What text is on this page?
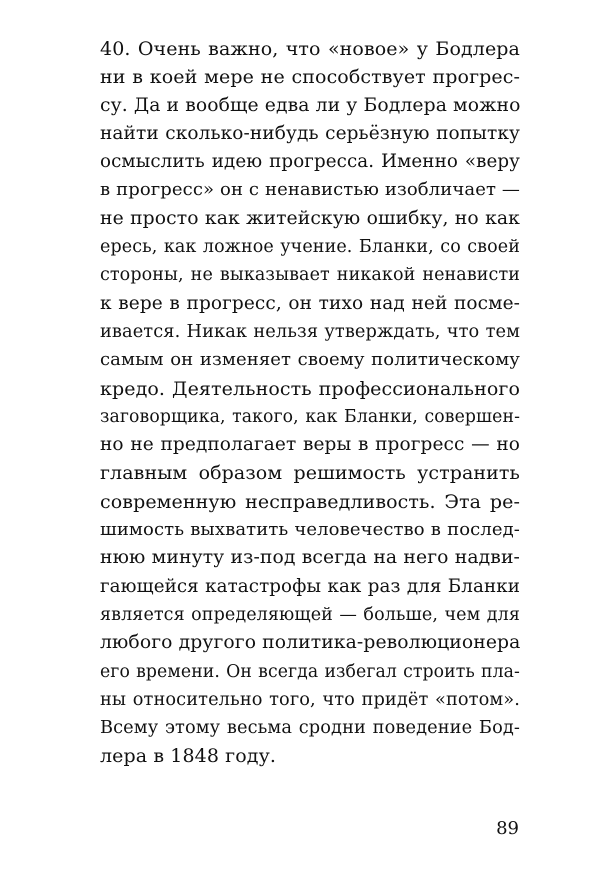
40. Очень важно, что «новое» у Бодлера
ни в коей мере не способствует прогрес-
су. Да и вообще едва ли у Бодлера можно
найти сколько-нибудь серьёзную попытку
осмыслить идею прогресса. Именно «веру
в прогресс» он с ненавистью изобличает —
не просто как житейскую ошибку, но как
ересь, как ложное учение. Бланки, со своей
стороны, не выказывает никакой ненависти
к вере в прогресс, он тихо над ней посме-
ивается. Никак нельзя утверждать, что тем
самым он изменяет своему политическому
кредо. Деятельность профессионального
заговорщика, такого, как Бланки, совершен-
но не предполагает веры в прогресс — но
главным образом решимость устранить
современную несправедливость. Эта ре-
шимость выхватить человечество в послед-
нюю минуту из-под всегда на него надви-
гающейся катастрофы как раз для Бланки
является определяющей — больше, чем для
любого другого политика-революционера
его времени. Он всегда избегал строить пла-
ны относительно того, что придёт «потом».
Всему этому весьма сродни поведение Бод-
лера в 1848 году.
89
